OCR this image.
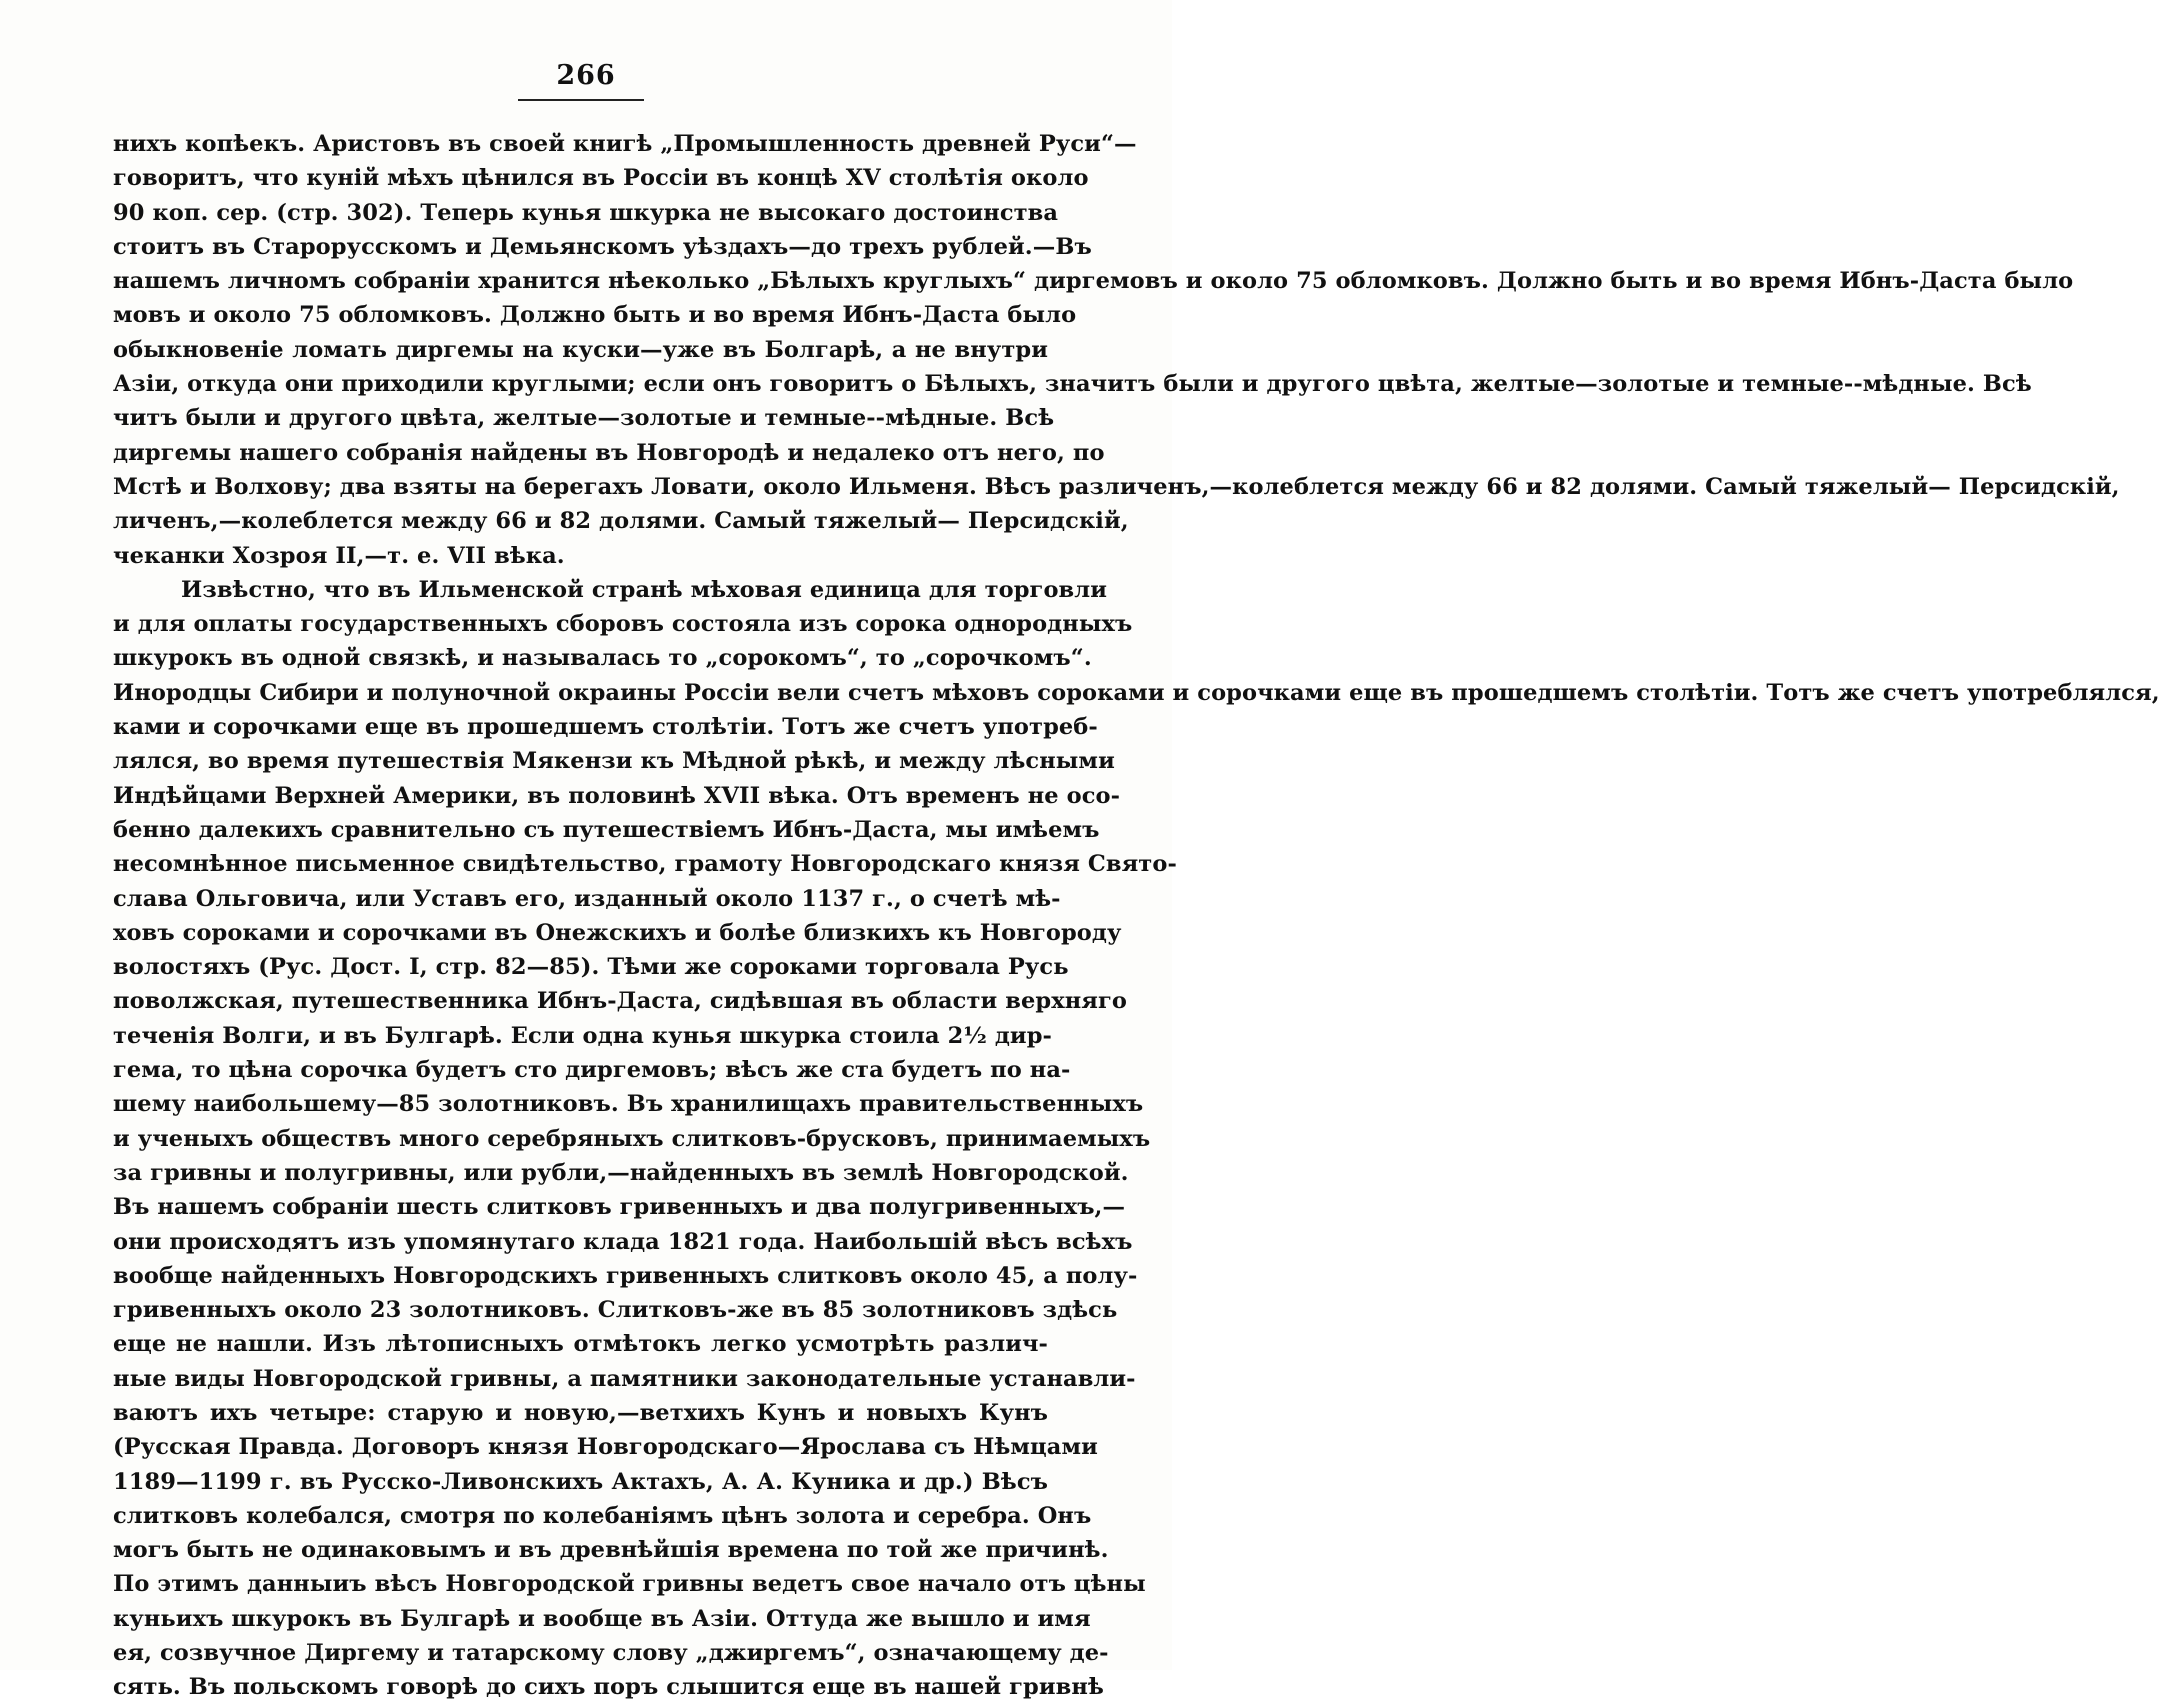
266
нихъ копѣекъ. Аристовъ въ своей книгѣ „Промышленность древней Руси“—
говоритъ, что куній мѣхъ цѣнился въ Россіи въ концѣ XV столѣтія около
90 коп. сер. (стр. 302). Теперь кунья шкурка не высокаго достоинства
стоитъ въ Старорусскомъ и Демьянскомъ уѣздахъ—до трехъ рублей.—Въ
нашемъ личномъ собраніи хранится нѣеколько „Бѣлыхъ круглыхъ“ диргемовъ и около 75 обломковъ. Должно быть и во время Ибнъ-Даста было
мовъ и около 75 обломковъ. Должно быть и во время Ибнъ-Даста было
обыкновеніе ломать диргемы на куски—уже въ Болгарѣ, а не внутри
Азіи, откуда они приходили круглыми; если онъ говоритъ о Бѣлыхъ, значитъ были и другого цвѣта, желтые—золотые и темные--мѣдные. Всѣ
читъ были и другого цвѣта, желтые—золотые и темные--мѣдные. Всѣ
диргемы нашего собранія найдены въ Новгородѣ и недалеко отъ него, по
Мстѣ и Волхову; два взяты на берегахъ Ловати, около Ильменя. Вѣсъ различенъ,—колеблется между 66 и 82 долями. Самый тяжелый— Персидскій,
личенъ,—колеблется между 66 и 82 долями. Самый тяжелый— Персидскій,
чеканки Хозроя II,—т. е. VII вѣка.
Извѣстно, что въ Ильменской странѣ мѣховая единица для торговли
и для оплаты государственныхъ сборовъ состояла изъ сорока однородныхъ
шкурокъ въ одной связкѣ, и называлась то „сорокомъ“, то „сорочкомъ“.
Инородцы Сибири и полуночной окраины Россіи вели счетъ мѣховъ сороками и сорочками еще въ прошедшемъ столѣтіи. Тотъ же счетъ употреблялся,
ками и сорочками еще въ прошедшемъ столѣтіи. Тотъ же счетъ употреб-
лялся, во время путешествія Мякензи къ Мѣдной рѣкѣ, и между лѣсными
Индѣйцами Верхней Америки, въ половинѣ XVII вѣка. Отъ временъ не осо-
бенно далекихъ сравнительно съ путешествіемъ Ибнъ-Даста, мы имѣемъ
несомнѣнное письменное свидѣтельство, грамоту Новгородскаго князя Свято-
слава Ольговича, или Уставъ его, изданный около 1137 г., о счетѣ мѣ-
ховъ сороками и сорочками въ Онежскихъ и болѣе близкихъ къ Новгороду
волостяхъ (Рус. Дост. I, стр. 82—85). Тѣми же сороками торговала Русь
поволжская, путешественника Ибнъ-Даста, сидѣвшая въ области верхняго
теченія Волги, и въ Булгарѣ. Если одна кунья шкурка стоила 2½ дир-
гема, то цѣна сорочка будетъ сто диргемовъ; вѣсъ же ста будетъ по на-
шему наибольшему—85 золотниковъ. Въ хранилищахъ правительственныхъ
и ученыхъ обществъ много серебряныхъ слитковъ-брусковъ, принимаемыхъ
за гривны и полугривны, или рубли,—найденныхъ въ землѣ Новгородской.
Въ нашемъ собраніи шесть слитковъ гривенныхъ и два полугривенныхъ,—
они происходятъ изъ упомянутаго клада 1821 года. Наибольшій вѣсъ всѣхъ
вообще найденныхъ Новгородскихъ гривенныхъ слитковъ около 45, а полу-
гривенныхъ около 23 золотниковъ. Слитковъ-же въ 85 золотниковъ здѣсь
еще не нашли. Изъ лѣтописныхъ отмѣтокъ легко усмотрѣть различ-
ные виды Новгородской гривны, а памятники законодательные устанавли-
ваютъ ихъ четыре: старую и новую,—ветхихъ Кунъ и новыхъ Кунъ
(Русская Правда. Договоръ князя Новгородскаго—Ярослава съ Нѣмцами
1189—1199 г. въ Русско-Ливонскихъ Актахъ, А. А. Куника и др.) Вѣсъ
слитковъ колебался, смотря по колебаніямъ цѣнъ золота и серебра. Онъ
могъ быть не одинаковымъ и въ древнѣйшія времена по той же причинѣ.
По этимъ данныиъ вѣсъ Новгородской гривны ведетъ свое начало отъ цѣны
куньихъ шкурокъ въ Булгарѣ и вообще въ Азіи. Оттуда же вышло и имя
ея, созвучное Диргему и татарскому слову „джиргемъ“, означающему де-
сять. Въ польскомъ говорѣ до сихъ поръ слышится еще въ нашей гривнѣ
